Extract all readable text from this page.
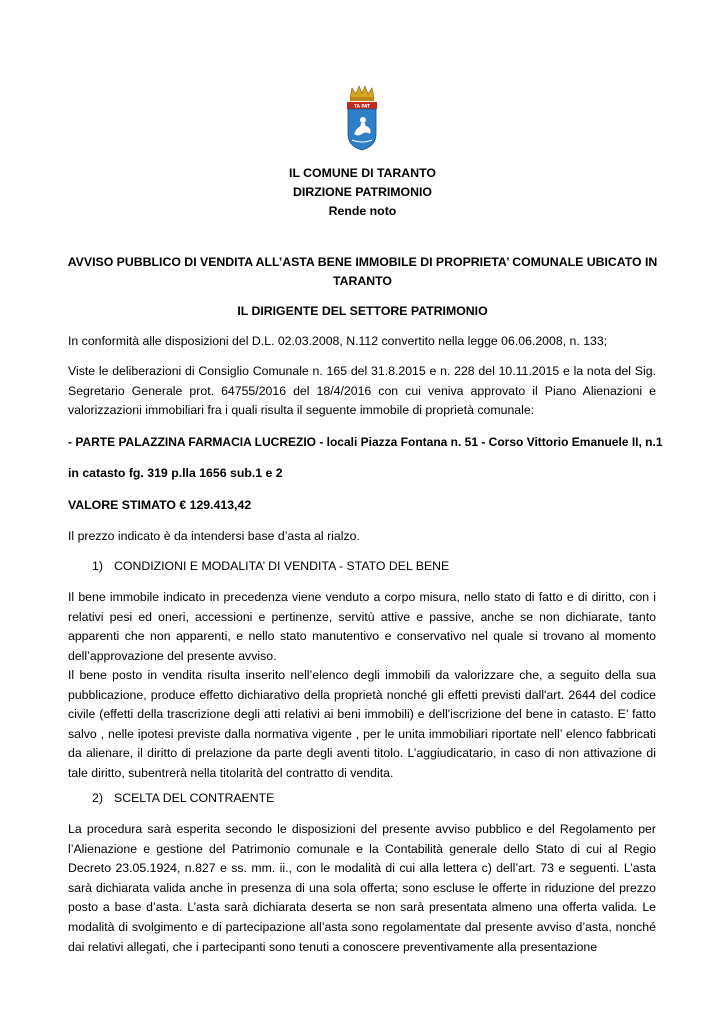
TA PAT
IL COMUNE DI TARANTO
DIRZIONE PATRIMONIO
Rende noto
AVVISO PUBBLICO DI VENDITA ALL’ASTA BENE IMMOBILE DI PROPRIETA’ COMUNALE UBICATO IN
TARANTO
IL DIRIGENTE DEL SETTORE PATRIMONIO
In conformità alle disposizioni del D.L. 02.03.2008, N.112 convertito nella legge 06.06.2008, n. 133;
Viste le deliberazioni di Consiglio Comunale n. 165 del 31.8.2015 e n. 228 del 10.11.2015 e la nota del Sig. Segretario Generale prot. 64755/2016 del 18/4/2016 con cui veniva approvato il Piano Alienazioni e valorizzazioni immobiliari fra i quali risulta il seguente immobile di proprietà comunale:
- PARTE PALAZZINA FARMACIA LUCREZIO - locali Piazza Fontana n. 51 - Corso Vittorio Emanuele II, n.1
in catasto fg. 319 p.lla 1656 sub.1 e 2
VALORE STIMATO € 129.413,42
Il prezzo indicato è da intendersi base d’asta al rialzo.
1) CONDIZIONI E MODALITA’ DI VENDITA - STATO DEL BENE
Il bene immobile indicato in precedenza viene venduto a corpo misura, nello stato di fatto e di diritto, con i relativi pesi ed oneri, accessioni e pertinenze, servitù attive e passive, anche se non dichiarate, tanto apparenti che non apparenti, e nello stato manutentivo e conservativo nel quale si trovano al momento dell’approvazione del presente avviso.
Il bene posto in vendita risulta inserito nell’elenco degli immobili da valorizzare che, a seguito della sua pubblicazione, produce effetto dichiarativo della proprietà nonché gli effetti previsti dall'art. 2644 del codice civile (effetti della trascrizione degli atti relativi ai beni immobili) e dell'iscrizione del bene in catasto. E’ fatto salvo , nelle ipotesi previste dalla normativa vigente , per le unita immobiliari riportate nell’ elenco fabbricati da alienare, il diritto di prelazione da parte degli aventi titolo. L’aggiudicatario, in caso di non attivazione di tale diritto, subentrerà nella titolarità del contratto di vendita.
2) SCELTA DEL CONTRAENTE
La procedura sarà esperita secondo le disposizioni del presente avviso pubblico e del Regolamento per l’Alienazione e gestione del Patrimonio comunale e la Contabilità generale dello Stato di cui al Regio Decreto 23.05.1924, n.827 e ss. mm. ii., con le modalità di cui alla lettera c) dell’art. 73 e seguenti. L’asta sarà dichiarata valida anche in presenza di una sola offerta; sono escluse le offerte in riduzione del prezzo posto a base d’asta. L’asta sarà dichiarata deserta se non sarà presentata almeno una offerta valida. Le modalità di svolgimento e di partecipazione all’asta sono regolamentate dal presente avviso d’asta, nonché dai relativi allegati, che i partecipanti sono tenuti a conoscere preventivamente alla presentazione
